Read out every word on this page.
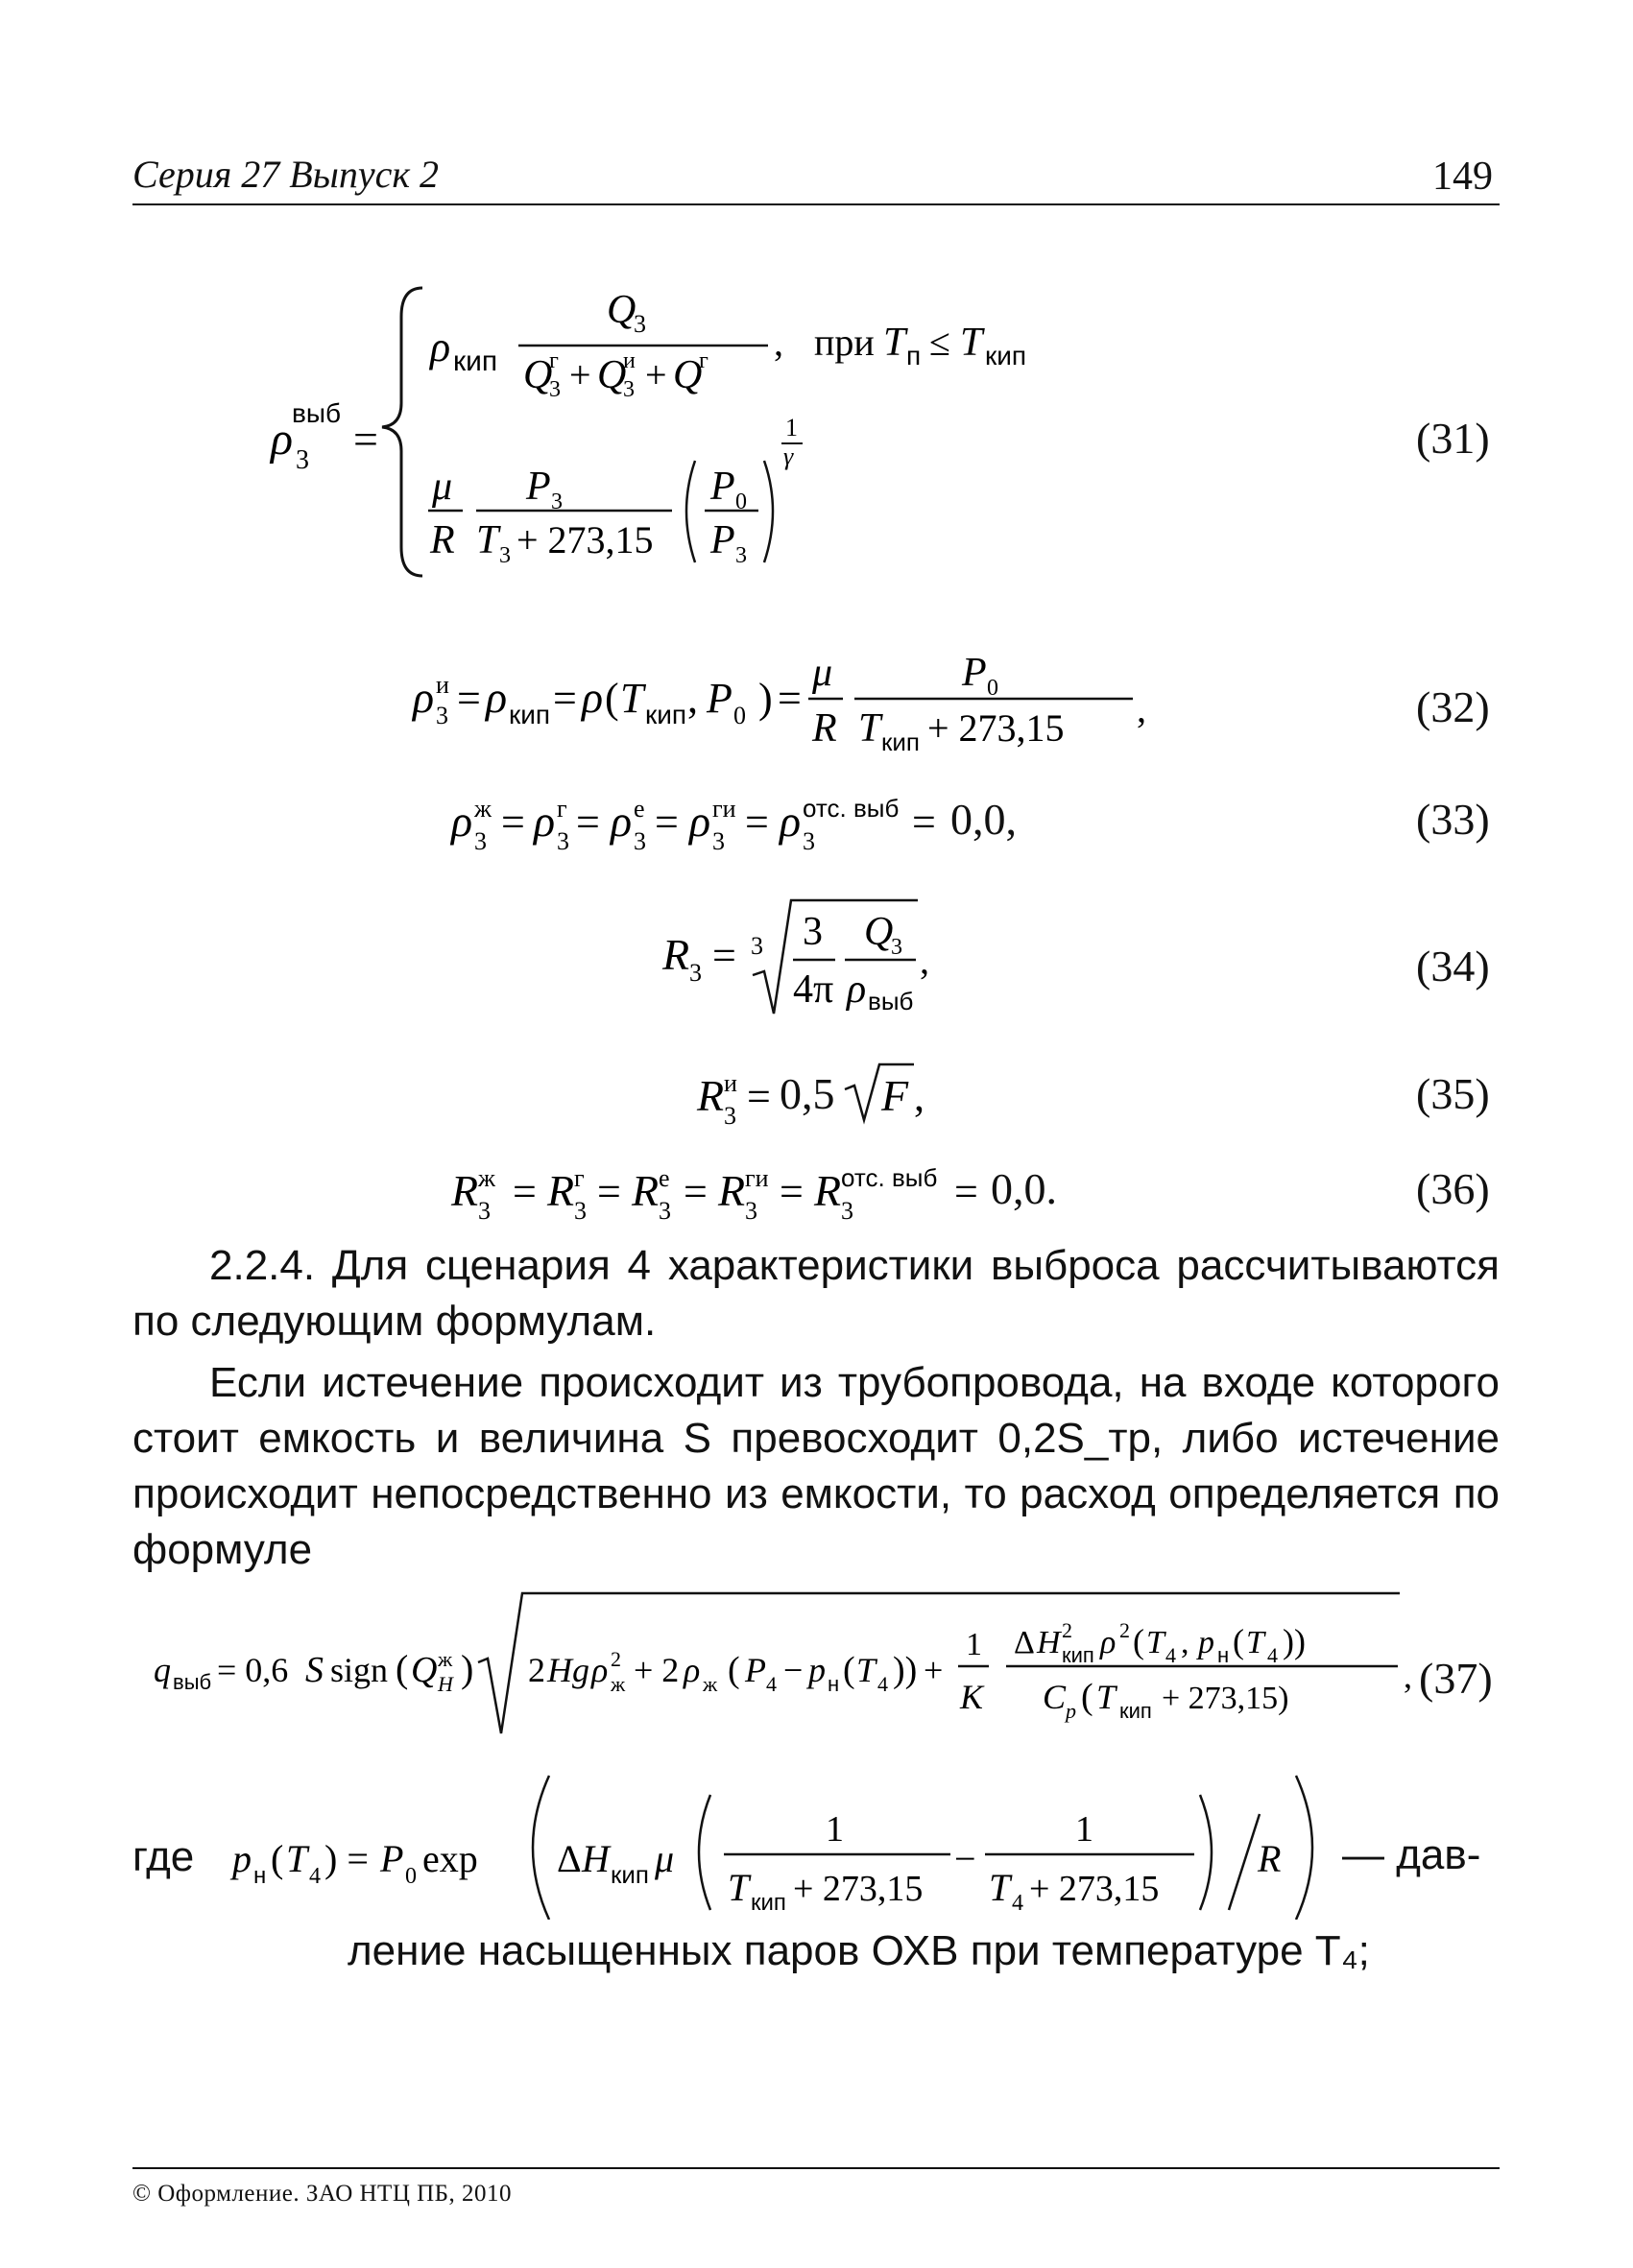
Серия 27 Выпуск 2	149
ρ 3
выб
=
ρ кип
Q
3
Q
3
г + Q
3
и + Q
г , при T п ≤ T кип
μ
R
P 3
T 3 + 273,15
P 0
P 3
1
γ	(31)
ρ 3
и = ρ кип = ρ ( T кип , P 0 ) =
μ
R
P 0
T кип + 273,15 ,	(32)
ρ 3
ж = ρ 3
г = ρ 3
е = ρ 3
ги = ρ 3
отс. выб = 0,0,	(33)
R 3 = 3 3
4π
Q
3
ρ выб
,	(34)
R 3
и =	F ,
0,5	(35)
R 3
ж = R 3
г = R 3
е = R 3
ги = R 3
отс. выб = 0,0.	(36)

2.2.4. Для сценария 4 характеристики выброса рассчитываются по следующим формулам.

Если истечение происходит из трубопровода, на входе которого стоит емкость и величина S превосходит 0,2S_тр, либо истечение происходит непосредственно из емкости, то расход определяется по формуле

q выб = 0,6 S sign ( Q H
ж ) 2 Hg ρ ж
2 + 2 ρ ж ( P 4 − p н ( T 4 )) +
1
K
Δ H кип
2 ρ 2 ( T 4 , p н ( T 4 ))
C p ( T кип + 273,15)
, (37)
где p н ( T 4 ) = P 0 exp Δ H кип μ
1
T кип + 273,15
−
1
T 4 + 273,15
R — дав-
ление насыщенных паров ОХВ при температуре T₄;
© Оформление. ЗАО НТЦ ПБ, 2010
